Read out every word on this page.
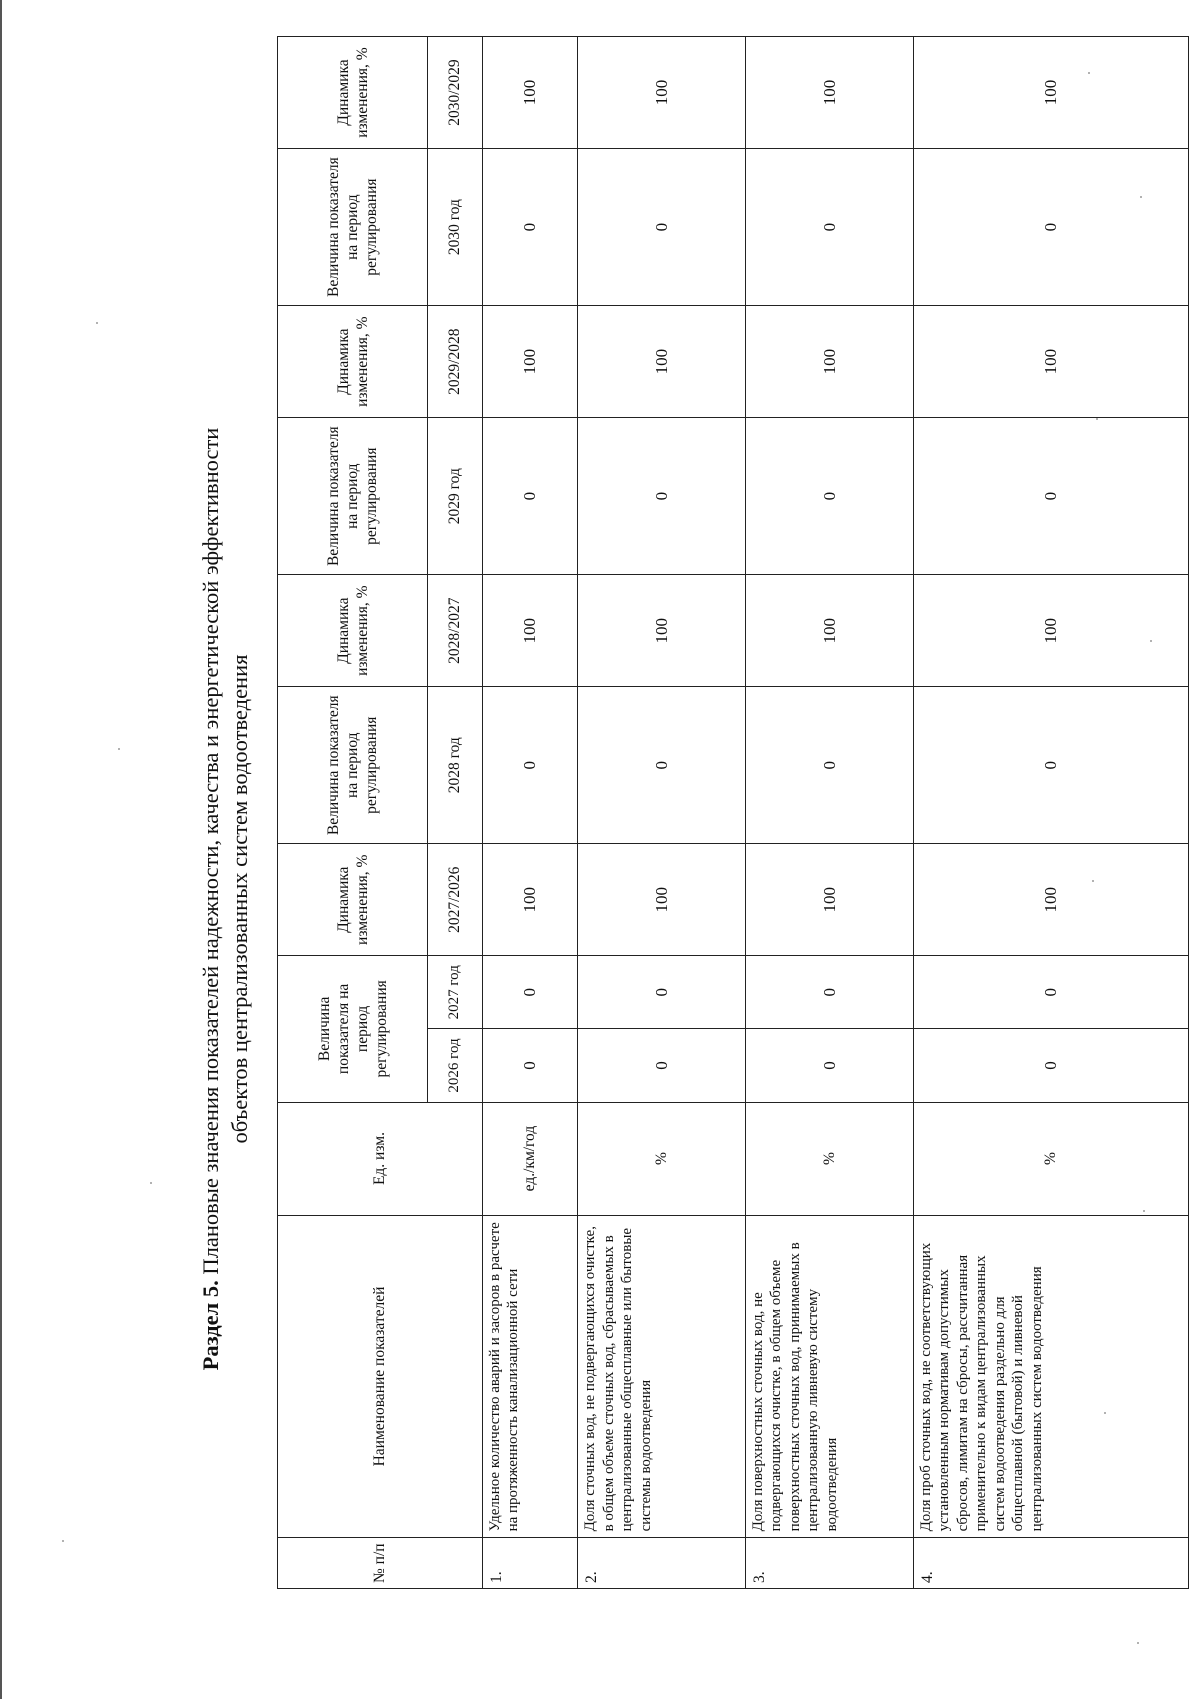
Раздел 5. Плановые значения показателей надежности, качества и энергетической эффективности объектов централизованных систем водоотведения
№ п/п	Наименование показателей	Ед. изм.	Величина показателя на период регулирования		Динамика изменения, %	Величина показателя на период регулирования	Динамика изменения, %	Величина показателя на период регулирования	Динамика изменения, %	Величина показателя на период регулирования	Динамика изменения, %
			2026 год	2027 год	2027/2026	2028 год	2028/2027	2029 год	2029/2028	2030 год	2030/2029
1.	Удельное количество аварий и засоров в расчете на протяженность канализационной сети	ед./км/год	0	0	100	0	100	0	100	0	100
2.	Доля сточных вод, не подвергающихся очистке, в общем объеме сточных вод, сбрасываемых в централизованные общесплавные или бытовые системы водоотведения	%	0	0	100	0	100	0	100	0	100
3.	Доля поверхностных сточных вод, не подвергающихся очистке, в общем объеме поверхностных сточных вод, принимаемых в централизованную ливневую систему водоотведения	%	0	0	100	0	100	0	100	0	100
4.	Доля проб сточных вод, не соответствующих установленным нормативам допустимых сбросов, лимитам на сбросы, рассчитанная применительно к видам централизованных систем водоотведения раздельно для общесплавной (бытовой) и ливневой централизованных систем водоотведения	%	0	0	100	0	100	0	100	0	100
